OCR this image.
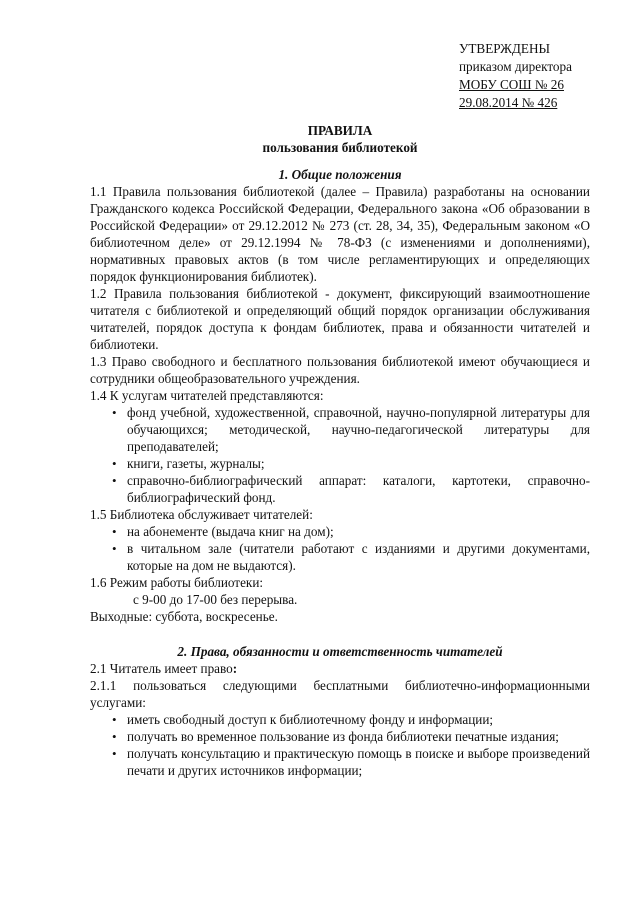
УТВЕРЖДЕНЫ
приказом директора
МОБУ СОШ № 26
29.08.2014 № 426
ПРАВИЛА
пользования библиотекой
1. Общие положения

1.1 Правила пользования библиотекой (далее – Правила) разработаны на основании Гражданского кодекса Российской Федерации, Федерального закона «Об образовании в Российской Федерации» от 29.12.2012 № 273 (ст. 28, 34, 35), Федеральным законом «О библиотечном деле» от 29.12.1994 № 78-ФЗ (с изменениями и дополнениями), нормативных правовых актов (в том числе регламентирующих и определяющих порядок функционирования библиотек).

1.2 Правила пользования библиотекой - документ, фиксирующий взаимоотношение читателя с библиотекой и определяющий общий порядок организации обслуживания читателей, порядок доступа к фондам библиотек, права и обязанности читателей и библиотеки.

1.3 Право свободного и бесплатного пользования библиотекой имеют обучающиеся и сотрудники общеобразовательного учреждения.

1.4 К услугам читателей представляются:

• фонд учебной, художественной, справочной, научно-популярной литературы для обучающихся; методической, научно-педагогической литературы для преподавателей;
• книги, газеты, журналы;
• справочно-библиографический аппарат: каталоги, картотеки, справочно-библиографический фонд.

1.5 Библиотека обслуживает читателей:

• на абонементе (выдача книг на дом);
• в читальном зале (читатели работают с изданиями и другими документами, которые на дом не выдаются).

1.6 Режим работы библиотеки:

с 9-00 до 17-00 без перерыва.

Выходные: суббота, воскресенье.

2. Права, обязанности и ответственность читателей

2.1 Читатель имеет право:

2.1.1 пользоваться следующими бесплатными библиотечно-информационными услугами:

• иметь свободный доступ к библиотечному фонду и информации;
• получать во временное пользование из фонда библиотеки печатные издания;
• получать консультацию и практическую помощь в поиске и выборе произведений печати и других источников информации;
